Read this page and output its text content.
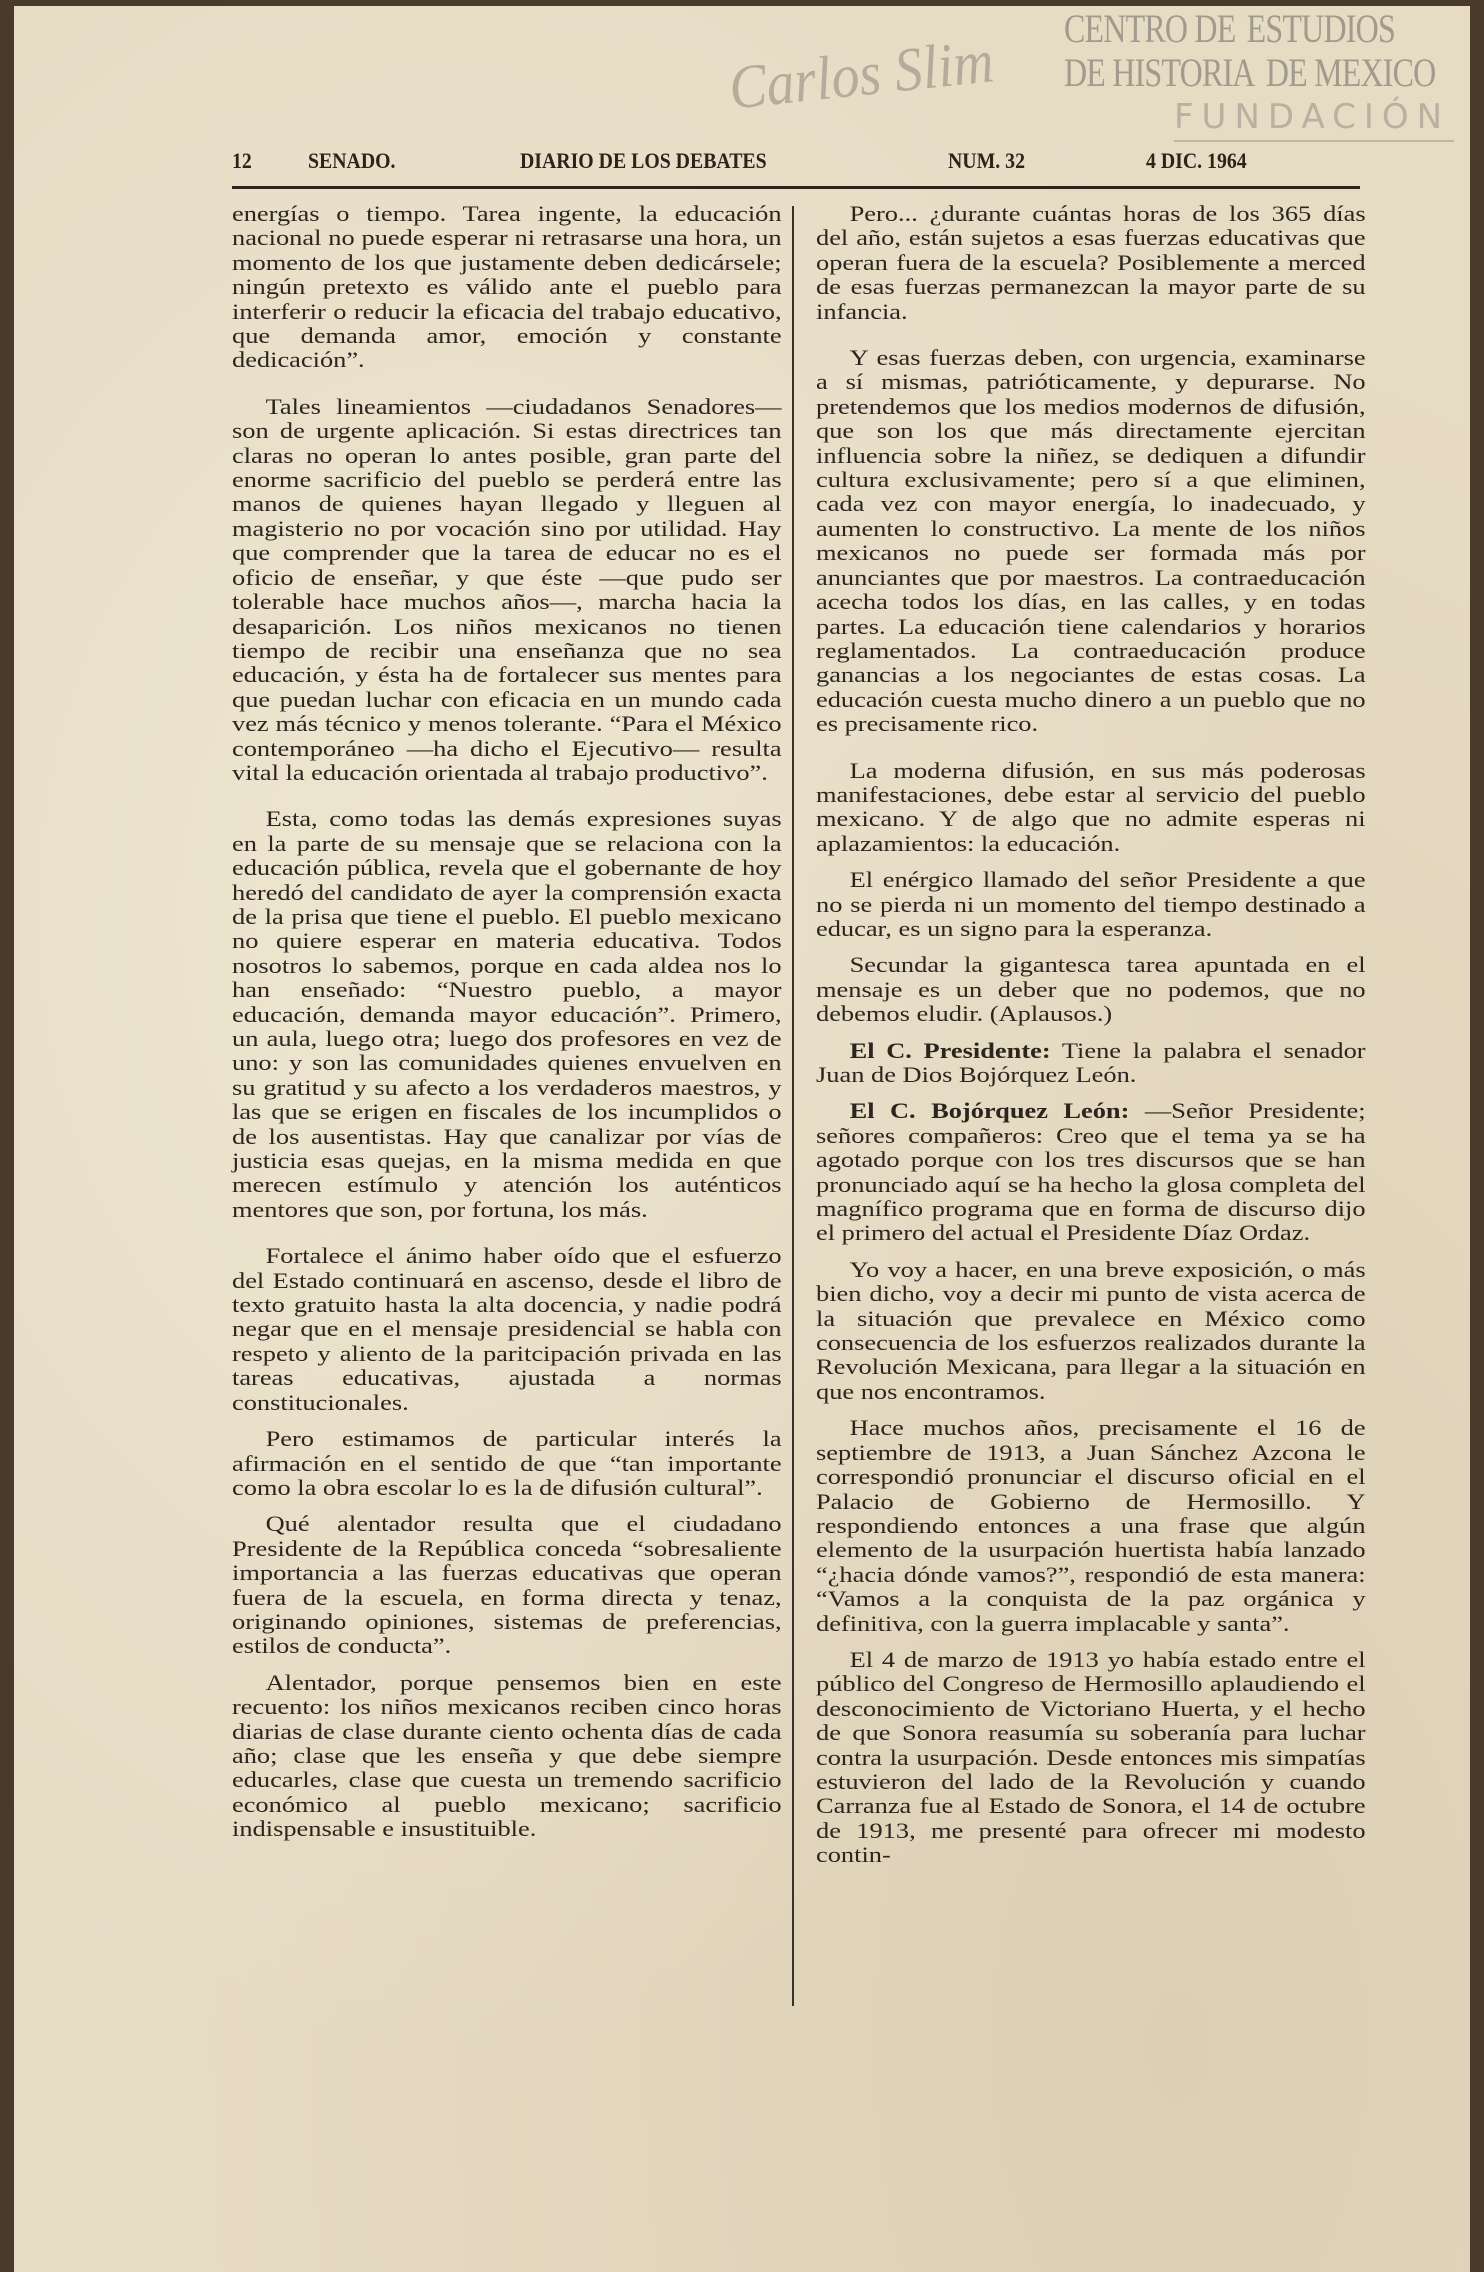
CENTRO DE ESTUDIOS
DE HISTORIA DE MEXICO
FUNDACIÓN
Carlos Slim
12	SENADO.	DIARIO DE LOS DEBATES	NUM. 32	4 DIC. 1964

energías o tiempo. Tarea ingente, la educación nacional no puede esperar ni retrasarse una hora, un momento de los que justamente deben dedicársele; ningún pretexto es válido ante el pueblo para interferir o reducir la eficacia del trabajo educativo, que demanda amor, emoción y constante dedicación”.

Tales lineamientos —ciudadanos Senadores— son de urgente aplicación. Si estas directrices tan claras no operan lo antes posible, gran parte del enorme sacrificio del pueblo se perderá entre las manos de quienes hayan llegado y lleguen al magisterio no por vocación sino por utilidad. Hay que comprender que la tarea de educar no es el oficio de enseñar, y que éste —que pudo ser tolerable hace muchos años—, marcha hacia la desaparición. Los niños mexicanos no tienen tiempo de recibir una enseñanza que no sea educación, y ésta ha de fortalecer sus mentes para que puedan luchar con eficacia en un mundo cada vez más técnico y menos tolerante. “Para el México contemporáneo —ha dicho el Ejecutivo— resulta vital la educación orientada al trabajo productivo”.

Esta, como todas las demás expresiones suyas en la parte de su mensaje que se relaciona con la educación pública, revela que el gobernante de hoy heredó del candidato de ayer la comprensión exacta de la prisa que tiene el pueblo. El pueblo mexicano no quiere esperar en materia educativa. Todos nosotros lo sabemos, porque en cada aldea nos lo han enseñado: “Nuestro pueblo, a mayor educación, demanda mayor educación”. Primero, un aula, luego otra; luego dos profesores en vez de uno: y son las comunidades quienes envuelven en su gratitud y su afecto a los verdaderos maestros, y las que se erigen en fiscales de los incumplidos o de los ausentistas. Hay que canalizar por vías de justicia esas quejas, en la misma medida en que merecen estímulo y atención los auténticos mentores que son, por fortuna, los más.

Fortalece el ánimo haber oído que el esfuerzo del Estado continuará en ascenso, desde el libro de texto gratuito hasta la alta docencia, y nadie podrá negar que en el mensaje presidencial se habla con respeto y aliento de la paritcipación privada en las tareas educativas, ajustada a normas constitucionales.

Pero estimamos de particular interés la afirmación en el sentido de que “tan importante como la obra escolar lo es la de difusión cultural”.

Qué alentador resulta que el ciudadano Presidente de la República conceda “sobresaliente importancia a las fuerzas educativas que operan fuera de la escuela, en forma directa y tenaz, originando opiniones, sistemas de preferencias, estilos de conducta”.

Alentador, porque pensemos bien en este recuento: los niños mexicanos reciben cinco horas diarias de clase durante ciento ochenta días de cada año; clase que les enseña y que debe siempre educarles, clase que cuesta un tremendo sacrificio económico al pueblo mexicano; sacrificio indispensable e insustituible.

Pero... ¿durante cuántas horas de los 365 días del año, están sujetos a esas fuerzas educativas que operan fuera de la escuela? Posiblemente a merced de esas fuerzas permanezcan la mayor parte de su infancia.

Y esas fuerzas deben, con urgencia, examinarse a sí mismas, patrióticamente, y depurarse. No pretendemos que los medios modernos de difusión, que son los que más directamente ejercitan influencia sobre la niñez, se dediquen a difundir cultura exclusivamente; pero sí a que eliminen, cada vez con mayor energía, lo inadecuado, y aumenten lo constructivo. La mente de los niños mexicanos no puede ser formada más por anunciantes que por maestros. La contraeducación acecha todos los días, en las calles, y en todas partes. La educación tiene calendarios y horarios reglamentados. La contraeducación produce ganancias a los negociantes de estas cosas. La educación cuesta mucho dinero a un pueblo que no es precisamente rico.

La moderna difusión, en sus más poderosas manifestaciones, debe estar al servicio del pueblo mexicano. Y de algo que no admite esperas ni aplazamientos: la educación.

El enérgico llamado del señor Presidente a que no se pierda ni un momento del tiempo destinado a educar, es un signo para la esperanza.

Secundar la gigantesca tarea apuntada en el mensaje es un deber que no podemos, que no debemos eludir. (Aplausos.)

El C. Presidente: Tiene la palabra el senador Juan de Dios Bojórquez León.

El C. Bojórquez León: —Señor Presidente; señores compañeros: Creo que el tema ya se ha agotado porque con los tres discursos que se han pronunciado aquí se ha hecho la glosa completa del magnífico programa que en forma de discurso dijo el primero del actual el Presidente Díaz Ordaz.

Yo voy a hacer, en una breve exposición, o más bien dicho, voy a decir mi punto de vista acerca de la situación que prevalece en México como consecuencia de los esfuerzos realizados durante la Revolución Mexicana, para llegar a la situación en que nos encontramos.

Hace muchos años, precisamente el 16 de septiembre de 1913, a Juan Sánchez Azcona le correspondió pronunciar el discurso oficial en el Palacio de Gobierno de Hermosillo. Y respondiendo entonces a una frase que algún elemento de la usurpación huertista había lanzado “¿hacia dónde vamos?”, respondió de esta manera: “Vamos a la conquista de la paz orgánica y definitiva, con la guerra implacable y santa”.

El 4 de marzo de 1913 yo había estado entre el público del Congreso de Hermosillo aplaudiendo el desconocimiento de Victoriano Huerta, y el hecho de que Sonora reasumía su soberanía para luchar contra la usurpación. Desde entonces mis simpatías estuvieron del lado de la Revolución y cuando Carranza fue al Estado de Sonora, el 14 de octubre de 1913, me presenté para ofrecer mi modesto contin-
